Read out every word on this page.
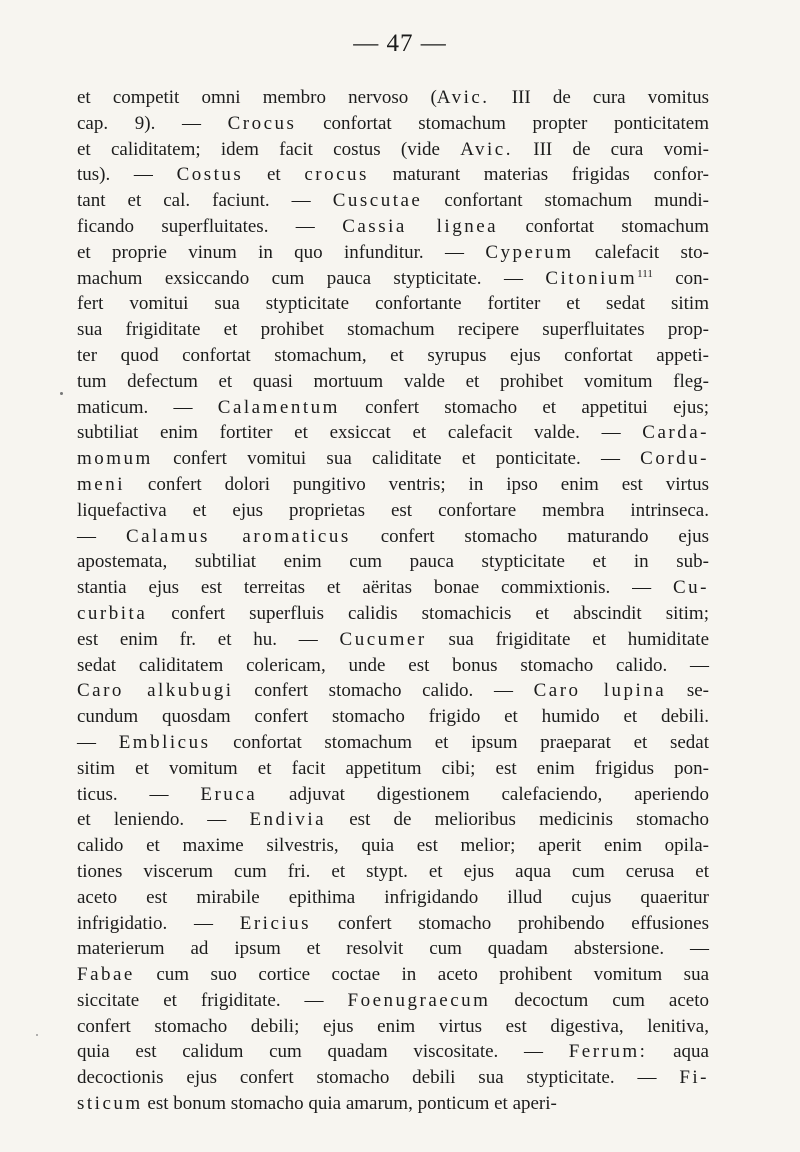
— 47 —
et competit omni membro nervoso (Avic. III de cura vomitus
cap. 9). — Crocus confortat stomachum propter ponticitatem
et caliditatem; idem facit costus (vide Avic. III de cura vomi-
tus). — Costus et crocus maturant materias frigidas confor-
tant et cal. faciunt. — Cuscutae confortant stomachum mundi-
ficando superfluitates. — Cassia lignea confortat stomachum
et proprie vinum in quo infunditur. — Cyperum calefacit sto-
machum exsiccando cum pauca stypticitate. — Citonium$^{111}$ con-
fert vomitui sua stypticitate confortante fortiter et sedat sitim
sua frigiditate et prohibet stomachum recipere superfluitates prop-
ter quod confortat stomachum, et syrupus ejus confortat appeti-
tum defectum et quasi mortuum valde et prohibet vomitum fleg-
maticum. — Calamentum confert stomacho et appetitui ejus;
subtiliat enim fortiter et exsiccat et calefacit valde. — Carda-
momum confert vomitui sua caliditate et ponticitate. — Cordu-
meni confert dolori pungitivo ventris; in ipso enim est virtus
liquefactiva et ejus proprietas est confortare membra intrinseca.
— Calamus aromaticus confert stomacho maturando ejus
apostemata, subtiliat enim cum pauca stypticitate et in sub-
stantia ejus est terreitas et aëritas bonae commixtionis. — Cu-
curbita confert superfluis calidis stomachicis et abscindit sitim;
est enim fr. et hu. — Cucumer sua frigiditate et humiditate
sedat caliditatem colericam, unde est bonus stomacho calido. —
Caro alkubugi confert stomacho calido. — Caro lupina se-
cundum quosdam confert stomacho frigido et humido et debili.
— Emblicus confortat stomachum et ipsum praeparat et sedat
sitim et vomitum et facit appetitum cibi; est enim frigidus pon-
ticus. — Eruca adjuvat digestionem calefaciendo, aperiendo
et leniendo. — Endivia est de melioribus medicinis stomacho
calido et maxime silvestris, quia est melior; aperit enim opila-
tiones viscerum cum fri. et stypt. et ejus aqua cum cerusa et
aceto est mirabile epithima infrigidando illud cujus quaeritur
infrigidatio. — Ericius confert stomacho prohibendo effusiones
materierum ad ipsum et resolvit cum quadam abstersione. —
Fabae cum suo cortice coctae in aceto prohibent vomitum sua
siccitate et frigiditate. — Foenugraecum decoctum cum aceto
confert stomacho debili; ejus enim virtus est digestiva, lenitiva,
quia est calidum cum quadam viscositate. — Ferrum: aqua
decoctionis ejus confert stomacho debili sua stypticitate. — Fi-
sticum est bonum stomacho quia amarum, ponticum et aperi-
